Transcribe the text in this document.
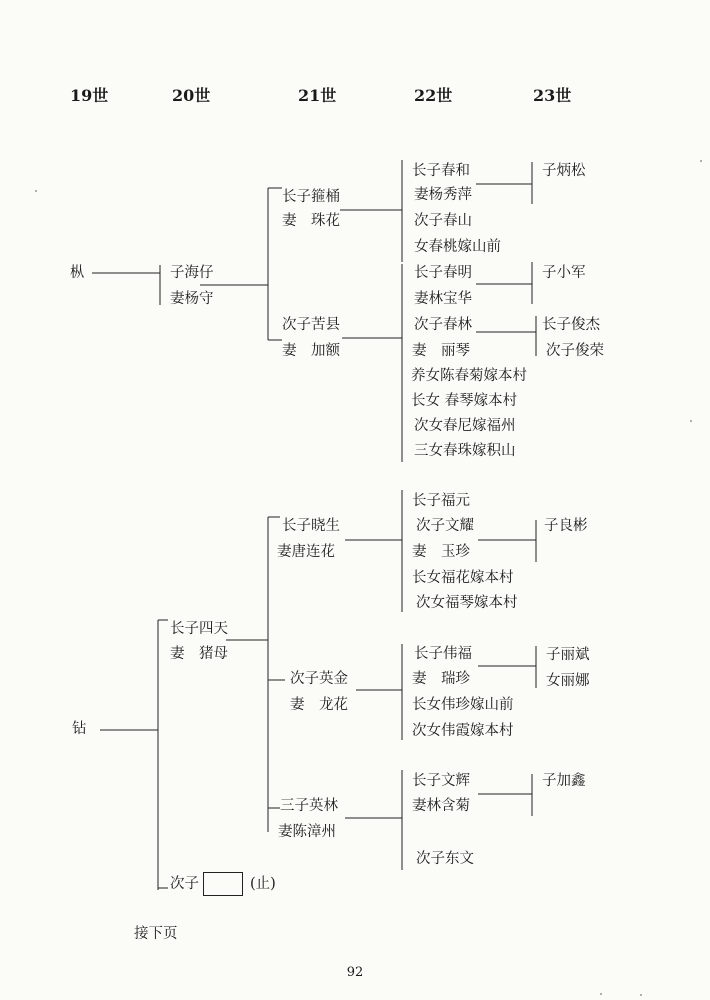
19世	20世	21世	22世	23世
枞	子海仔
妻杨守
长子箍桶
妻　珠花
次子苦县
妻　加额
长子春和
妻杨秀萍
次子春山
女春桃嫁山前
长子春明
妻林宝华
次子春林
妻　丽琴
养女陈春菊嫁本村
长女 春琴嫁本村
次女春尼嫁福州
三女春珠嫁积山
子炳松
子小军
长子俊杰
次子俊荣
钻
长子四天
妻　猪母
长子晓生
妻唐连花
次子英金
妻　龙花
三子英林
妻陈漳州
长子福元
次子文耀
妻　玉珍
长女福花嫁本村
次女福琴嫁本村
长子伟福
妻　瑞珍
长女伟珍嫁山前
次女伟霞嫁本村
长子文辉
妻林含菊
次子东文
子良彬
子丽斌
女丽娜
子加鑫
次子	(止)
接下页
92
